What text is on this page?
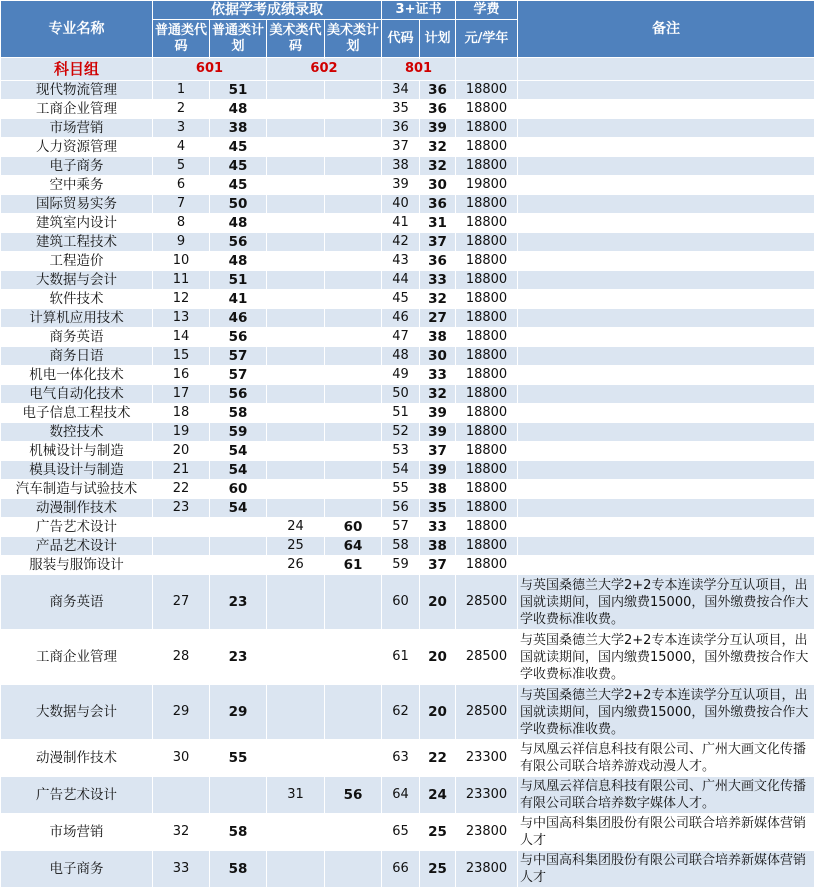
专业名称	依据学考成绩录取				3+证书		学费	备注
	普通类代码	普通类计划	美术类代码	美术类计划	代码	计划	元/学年	

科目组	601		602		801			
现代物流管理	1	51			34	36	18800	
工商企业管理	2	48			35	36	18800	
市场营销	3	38			36	39	18800	
人力资源管理	4	45			37	32	18800	
电子商务	5	45			38	32	18800	
空中乘务	6	45			39	30	19800	
国际贸易实务	7	50			40	36	18800	
建筑室内设计	8	48			41	31	18800	
建筑工程技术	9	56			42	37	18800	
工程造价	10	48			43	36	18800	
大数据与会计	11	51			44	33	18800	
软件技术	12	41			45	32	18800	
计算机应用技术	13	46			46	27	18800	
商务英语	14	56			47	38	18800	
商务日语	15	57			48	30	18800	
机电一体化技术	16	57			49	33	18800	
电气自动化技术	17	56			50	32	18800	
电子信息工程技术	18	58			51	39	18800	
数控技术	19	59			52	39	18800	
机械设计与制造	20	54			53	37	18800	
模具设计与制造	21	54			54	39	18800	
汽车制造与试验技术	22	60			55	38	18800	
动漫制作技术	23	54			56	35	18800	
广告艺术设计			24	60	57	33	18800	
产品艺术设计			25	64	58	38	18800	
服装与服饰设计			26	61	59	37	18800	
商务英语	27	23			60	20	28500	与英国桑德兰大学2+2专本连读学分互认项目，出国就读期间，国内缴费15000，国外缴费按合作大学收费标准收费。
工商企业管理	28	23			61	20	28500	与英国桑德兰大学2+2专本连读学分互认项目，出国就读期间，国内缴费15000，国外缴费按合作大学收费标准收费。
大数据与会计	29	29			62	20	28500	与英国桑德兰大学2+2专本连读学分互认项目，出国就读期间，国内缴费15000，国外缴费按合作大学收费标准收费。
动漫制作技术	30	55			63	22	23300	与凤凰云祥信息科技有限公司、广州大画文化传播有限公司联合培养游戏动漫人才。
广告艺术设计			31	56	64	24	23300	与凤凰云祥信息科技有限公司、广州大画文化传播有限公司联合培养数字媒体人才。
市场营销	32	58			65	25	23800	与中国高科集团股份有限公司联合培养新媒体营销人才
电子商务	33	58			66	25	23800	与中国高科集团股份有限公司联合培养新媒体营销人才
